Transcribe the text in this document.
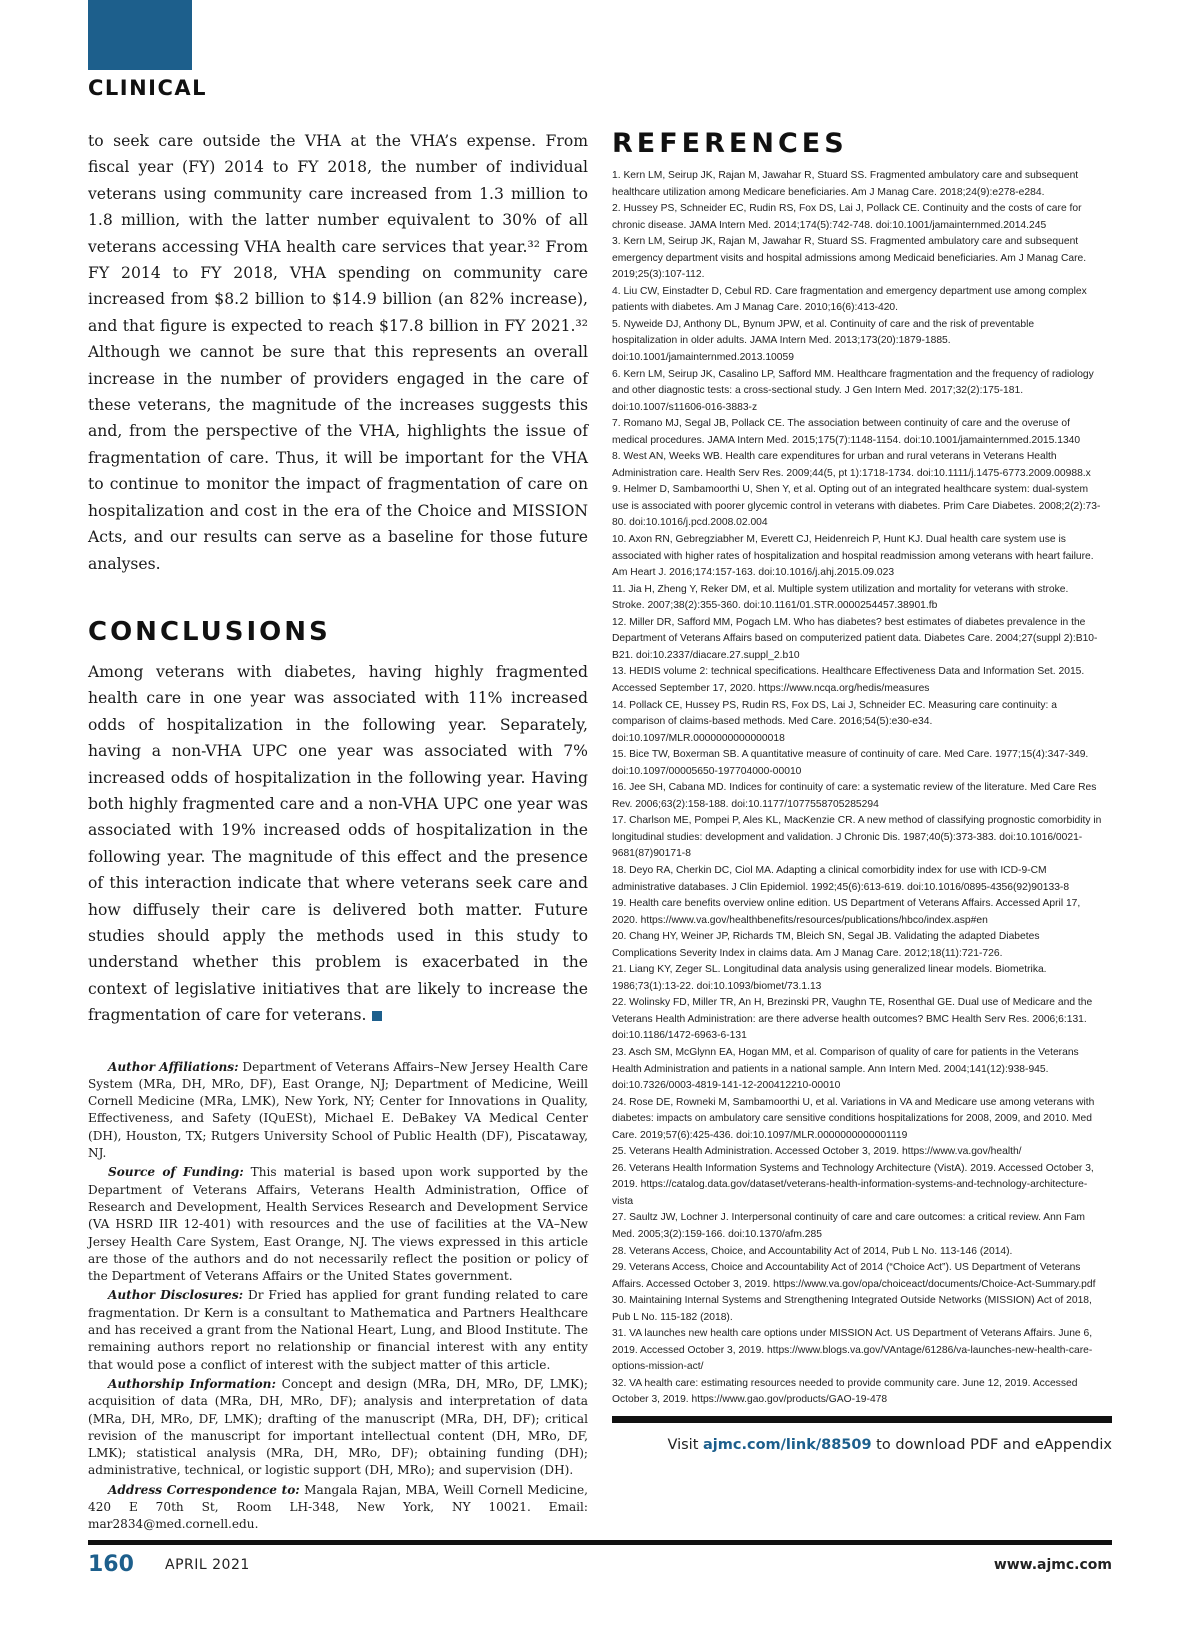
CLINICAL

to seek care outside the VHA at the VHA’s expense. From fiscal year (FY) 2014 to FY 2018, the number of individual veterans using community care increased from 1.3 million to 1.8 million, with the latter number equivalent to 30% of all veterans accessing VHA health care services that year.³² From FY 2014 to FY 2018, VHA spending on community care increased from $8.2 billion to $14.9 billion (an 82% increase), and that figure is expected to reach $17.8 billion in FY 2021.³² Although we cannot be sure that this represents an overall increase in the number of providers engaged in the care of these veterans, the magnitude of the increases suggests this and, from the perspective of the VHA, highlights the issue of fragmentation of care. Thus, it will be important for the VHA to continue to monitor the impact of fragmentation of care on hospitalization and cost in the era of the Choice and MISSION Acts, and our results can serve as a baseline for those future analyses.

CONCLUSIONS

Among veterans with diabetes, having highly fragmented health care in one year was associated with 11% increased odds of hospitalization in the following year. Separately, having a non-VHA UPC one year was associated with 7% increased odds of hospitalization in the following year. Having both highly fragmented care and a non-VHA UPC one year was associated with 19% increased odds of hospitalization in the following year. The magnitude of this effect and the presence of this interaction indicate that where veterans seek care and how diffusely their care is delivered both matter. Future studies should apply the methods used in this study to understand whether this problem is exacerbated in the context of legislative initiatives that are likely to increase the fragmentation of care for veterans.

Author Affiliations: Department of Veterans Affairs–New Jersey Health Care System (MRa, DH, MRo, DF), East Orange, NJ; Department of Medicine, Weill Cornell Medicine (MRa, LMK), New York, NY; Center for Innovations in Quality, Effectiveness, and Safety (IQuESt), Michael E. DeBakey VA Medical Center (DH), Houston, TX; Rutgers University School of Public Health (DF), Piscataway, NJ.

Source of Funding: This material is based upon work supported by the Department of Veterans Affairs, Veterans Health Administration, Office of Research and Development, Health Services Research and Development Service (VA HSRD IIR 12-401) with resources and the use of facilities at the VA–New Jersey Health Care System, East Orange, NJ. The views expressed in this article are those of the authors and do not necessarily reflect the position or policy of the Department of Veterans Affairs or the United States government.

Author Disclosures: Dr Fried has applied for grant funding related to care fragmentation. Dr Kern is a consultant to Mathematica and Partners Healthcare and has received a grant from the National Heart, Lung, and Blood Institute. The remaining authors report no relationship or financial interest with any entity that would pose a conflict of interest with the subject matter of this article.

Authorship Information: Concept and design (MRa, DH, MRo, DF, LMK); acquisition of data (MRa, DH, MRo, DF); analysis and interpretation of data (MRa, DH, MRo, DF, LMK); drafting of the manuscript (MRa, DH, DF); critical revision of the manuscript for important intellectual content (DH, MRo, DF, LMK); statistical analysis (MRa, DH, MRo, DF); obtaining funding (DH); administrative, technical, or logistic support (DH, MRo); and supervision (DH).

Address Correspondence to: Mangala Rajan, MBA, Weill Cornell Medicine, 420 E 70th St, Room LH-348, New York, NY 10021. Email: mar2834@med.cornell.edu.

REFERENCES
1. Kern LM, Seirup JK, Rajan M, Jawahar R, Stuard SS. Fragmented ambulatory care and subsequent healthcare utilization among Medicare beneficiaries. Am J Manag Care. 2018;24(9):e278-e284.
2. Hussey PS, Schneider EC, Rudin RS, Fox DS, Lai J, Pollack CE. Continuity and the costs of care for chronic disease. JAMA Intern Med. 2014;174(5):742-748. doi:10.1001/jamainternmed.2014.245
3. Kern LM, Seirup JK, Rajan M, Jawahar R, Stuard SS. Fragmented ambulatory care and subsequent emergency department visits and hospital admissions among Medicaid beneficiaries. Am J Manag Care. 2019;25(3):107-112.
4. Liu CW, Einstadter D, Cebul RD. Care fragmentation and emergency department use among complex patients with diabetes. Am J Manag Care. 2010;16(6):413-420.
5. Nyweide DJ, Anthony DL, Bynum JPW, et al. Continuity of care and the risk of preventable hospitalization in older adults. JAMA Intern Med. 2013;173(20):1879-1885. doi:10.1001/jamainternmed.2013.10059
6. Kern LM, Seirup JK, Casalino LP, Safford MM. Healthcare fragmentation and the frequency of radiology and other diagnostic tests: a cross-sectional study. J Gen Intern Med. 2017;32(2):175-181. doi:10.1007/s11606-016-3883-z
7. Romano MJ, Segal JB, Pollack CE. The association between continuity of care and the overuse of medical procedures. JAMA Intern Med. 2015;175(7):1148-1154. doi:10.1001/jamainternmed.2015.1340
8. West AN, Weeks WB. Health care expenditures for urban and rural veterans in Veterans Health Administration care. Health Serv Res. 2009;44(5, pt 1):1718-1734. doi:10.1111/j.1475-6773.2009.00988.x
9. Helmer D, Sambamoorthi U, Shen Y, et al. Opting out of an integrated healthcare system: dual-system use is associated with poorer glycemic control in veterans with diabetes. Prim Care Diabetes. 2008;2(2):73-80. doi:10.1016/j.pcd.2008.02.004
10. Axon RN, Gebregziabher M, Everett CJ, Heidenreich P, Hunt KJ. Dual health care system use is associated with higher rates of hospitalization and hospital readmission among veterans with heart failure. Am Heart J. 2016;174:157-163. doi:10.1016/j.ahj.2015.09.023
11. Jia H, Zheng Y, Reker DM, et al. Multiple system utilization and mortality for veterans with stroke. Stroke. 2007;38(2):355-360. doi:10.1161/01.STR.0000254457.38901.fb
12. Miller DR, Safford MM, Pogach LM. Who has diabetes? best estimates of diabetes prevalence in the Department of Veterans Affairs based on computerized patient data. Diabetes Care. 2004;27(suppl 2):B10-B21. doi:10.2337/diacare.27.suppl_2.b10
13. HEDIS volume 2: technical specifications. Healthcare Effectiveness Data and Information Set. 2015. Accessed September 17, 2020. https://www.ncqa.org/hedis/measures
14. Pollack CE, Hussey PS, Rudin RS, Fox DS, Lai J, Schneider EC. Measuring care continuity: a comparison of claims-based methods. Med Care. 2016;54(5):e30-e34. doi:10.1097/MLR.0000000000000018
15. Bice TW, Boxerman SB. A quantitative measure of continuity of care. Med Care. 1977;15(4):347-349. doi:10.1097/00005650-197704000-00010
16. Jee SH, Cabana MD. Indices for continuity of care: a systematic review of the literature. Med Care Res Rev. 2006;63(2):158-188. doi:10.1177/1077558705285294
17. Charlson ME, Pompei P, Ales KL, MacKenzie CR. A new method of classifying prognostic comorbidity in longitudinal studies: development and validation. J Chronic Dis. 1987;40(5):373-383. doi:10.1016/0021-9681(87)90171-8
18. Deyo RA, Cherkin DC, Ciol MA. Adapting a clinical comorbidity index for use with ICD-9-CM administrative databases. J Clin Epidemiol. 1992;45(6):613-619. doi:10.1016/0895-4356(92)90133-8
19. Health care benefits overview online edition. US Department of Veterans Affairs. Accessed April 17, 2020. https://www.va.gov/healthbenefits/resources/publications/hbco/index.asp#en
20. Chang HY, Weiner JP, Richards TM, Bleich SN, Segal JB. Validating the adapted Diabetes Complications Severity Index in claims data. Am J Manag Care. 2012;18(11):721-726.
21. Liang KY, Zeger SL. Longitudinal data analysis using generalized linear models. Biometrika. 1986;73(1):13-22. doi:10.1093/biomet/73.1.13
22. Wolinsky FD, Miller TR, An H, Brezinski PR, Vaughn TE, Rosenthal GE. Dual use of Medicare and the Veterans Health Administration: are there adverse health outcomes? BMC Health Serv Res. 2006;6:131. doi:10.1186/1472-6963-6-131
23. Asch SM, McGlynn EA, Hogan MM, et al. Comparison of quality of care for patients in the Veterans Health Administration and patients in a national sample. Ann Intern Med. 2004;141(12):938-945. doi:10.7326/0003-4819-141-12-200412210-00010
24. Rose DE, Rowneki M, Sambamoorthi U, et al. Variations in VA and Medicare use among veterans with diabetes: impacts on ambulatory care sensitive conditions hospitalizations for 2008, 2009, and 2010. Med Care. 2019;57(6):425-436. doi:10.1097/MLR.0000000000001119
25. Veterans Health Administration. Accessed October 3, 2019. https://www.va.gov/health/
26. Veterans Health Information Systems and Technology Architecture (VistA). 2019. Accessed October 3, 2019. https://catalog.data.gov/dataset/veterans-health-information-systems-and-technology-architecture-vista
27. Saultz JW, Lochner J. Interpersonal continuity of care and care outcomes: a critical review. Ann Fam Med. 2005;3(2):159-166. doi:10.1370/afm.285
28. Veterans Access, Choice, and Accountability Act of 2014, Pub L No. 113-146 (2014).
29. Veterans Access, Choice and Accountability Act of 2014 (“Choice Act”). US Department of Veterans Affairs. Accessed October 3, 2019. https://www.va.gov/opa/choiceact/documents/Choice-Act-Summary.pdf
30. Maintaining Internal Systems and Strengthening Integrated Outside Networks (MISSION) Act of 2018, Pub L No. 115-182 (2018).
31. VA launches new health care options under MISSION Act. US Department of Veterans Affairs. June 6, 2019. Accessed October 3, 2019. https://www.blogs.va.gov/VAntage/61286/va-launches-new-health-care-options-mission-act/
32. VA health care: estimating resources needed to provide community care. June 12, 2019. Accessed October 3, 2019. https://www.gao.gov/products/GAO-19-478
Visit ajmc.com/link/88509 to download PDF and eAppendix
160 APRIL 2021	www.ajmc.com
